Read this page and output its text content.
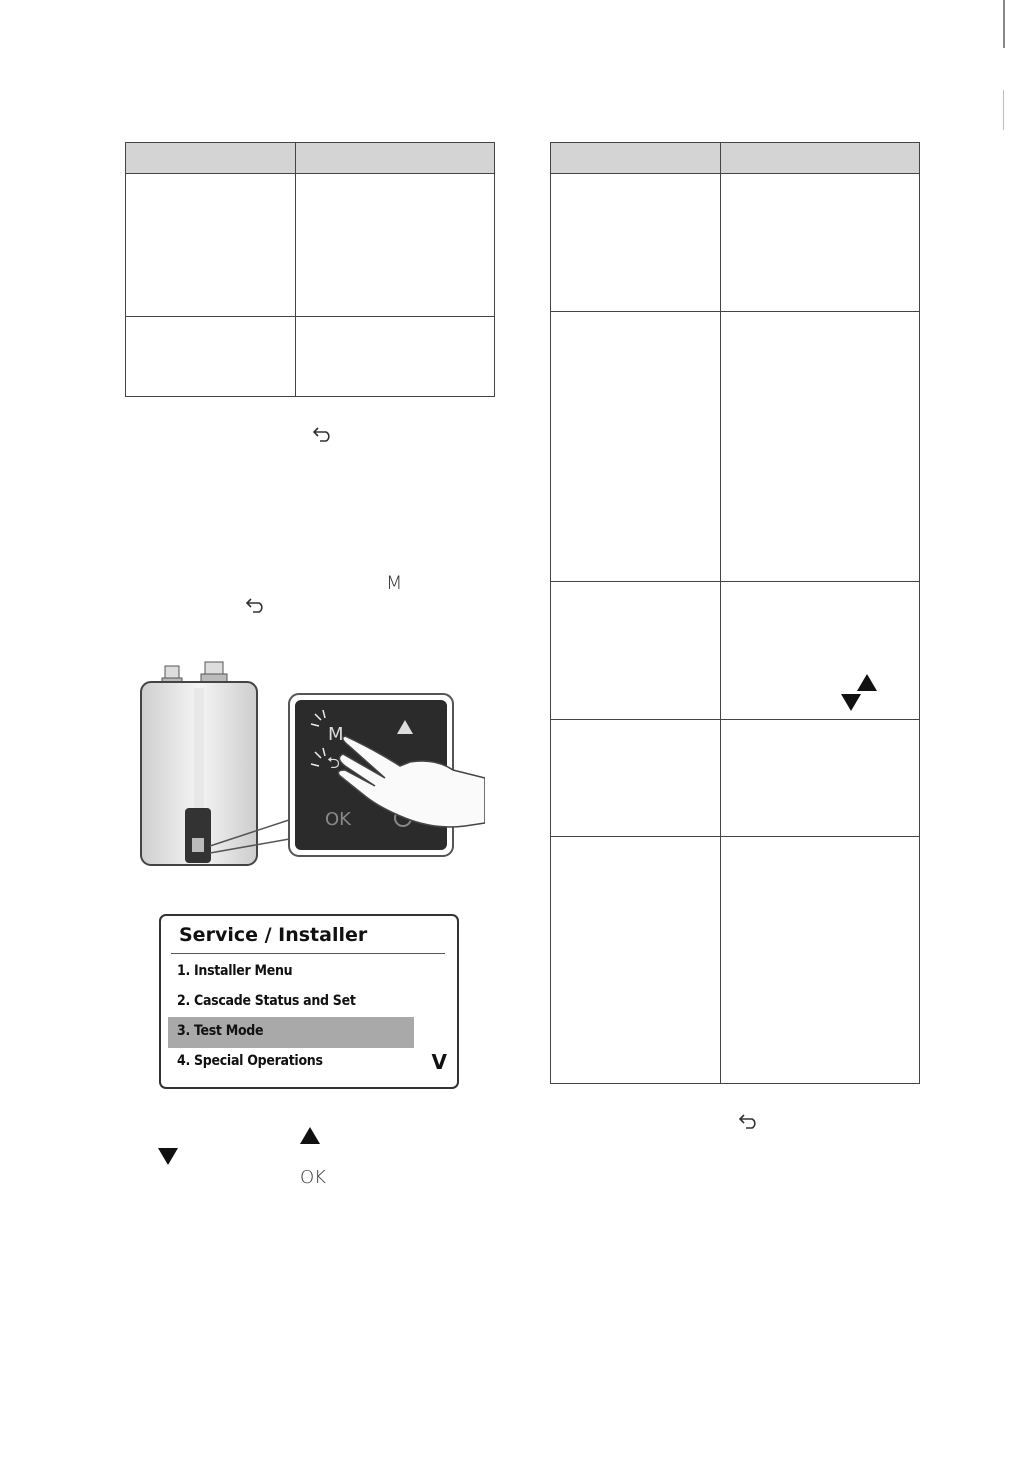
M
M
⮌
OK
Service / Installer
1. Installer Menu
2. Cascade Status and Set
3. Test Mode
4. Special Operations	V
OK
